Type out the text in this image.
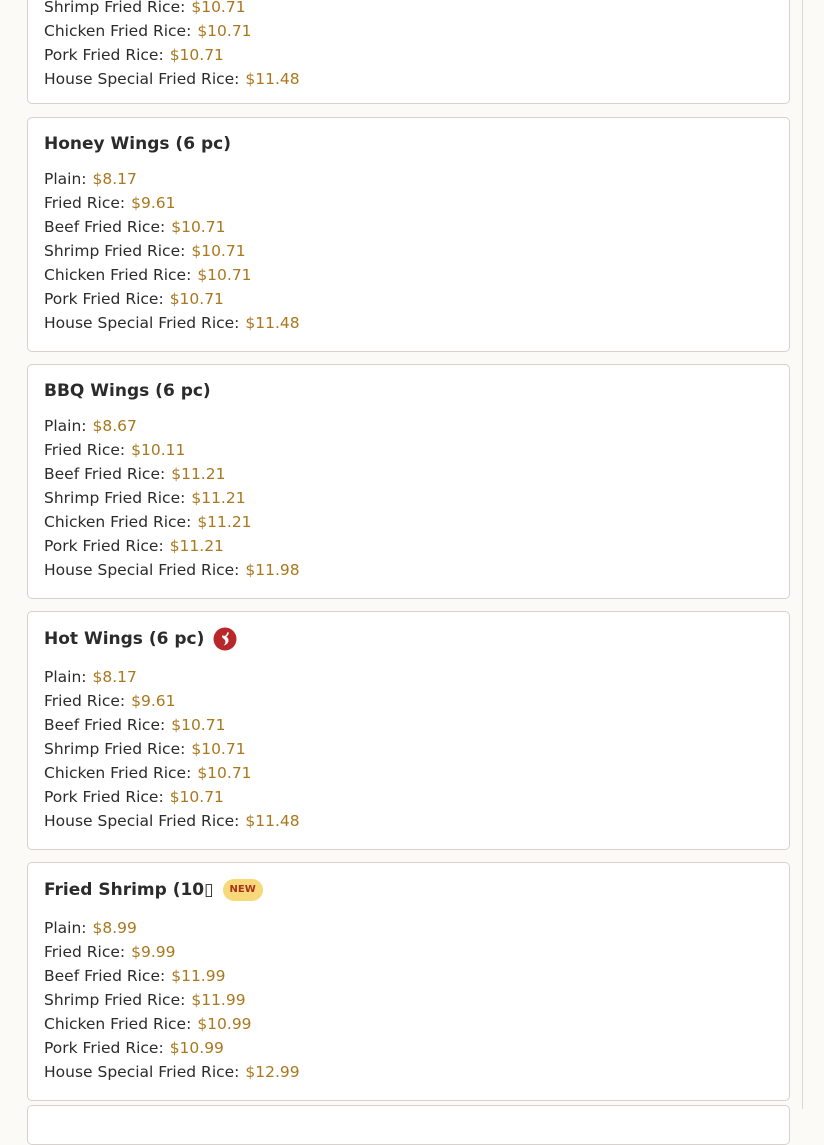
Shrimp Fried Rice: $10.71
Chicken Fried Rice: $10.71
Pork Fried Rice: $10.71
House Special Fried Rice: $11.48
Honey Wings (6 pc)
Plain: $8.17
Fried Rice: $9.61
Beef Fried Rice: $10.71
Shrimp Fried Rice: $10.71
Chicken Fried Rice: $10.71
Pork Fried Rice: $10.71
House Special Fried Rice: $11.48
BBQ Wings (6 pc)
Plain: $8.67
Fried Rice: $10.11
Beef Fried Rice: $11.21
Shrimp Fried Rice: $11.21
Chicken Fried Rice: $11.21
Pork Fried Rice: $11.21
House Special Fried Rice: $11.98
Hot Wings (6 pc)
Plain: $8.17
Fried Rice: $9.61
Beef Fried Rice: $10.71
Shrimp Fried Rice: $10.71
Chicken Fried Rice: $10.71
Pork Fried Rice: $10.71
House Special Fried Rice: $11.48
Fried Shrimp (10▯	NEW
Plain: $8.99
Fried Rice: $9.99
Beef Fried Rice: $11.99
Shrimp Fried Rice: $11.99
Chicken Fried Rice: $10.99
Pork Fried Rice: $10.99
House Special Fried Rice: $12.99
